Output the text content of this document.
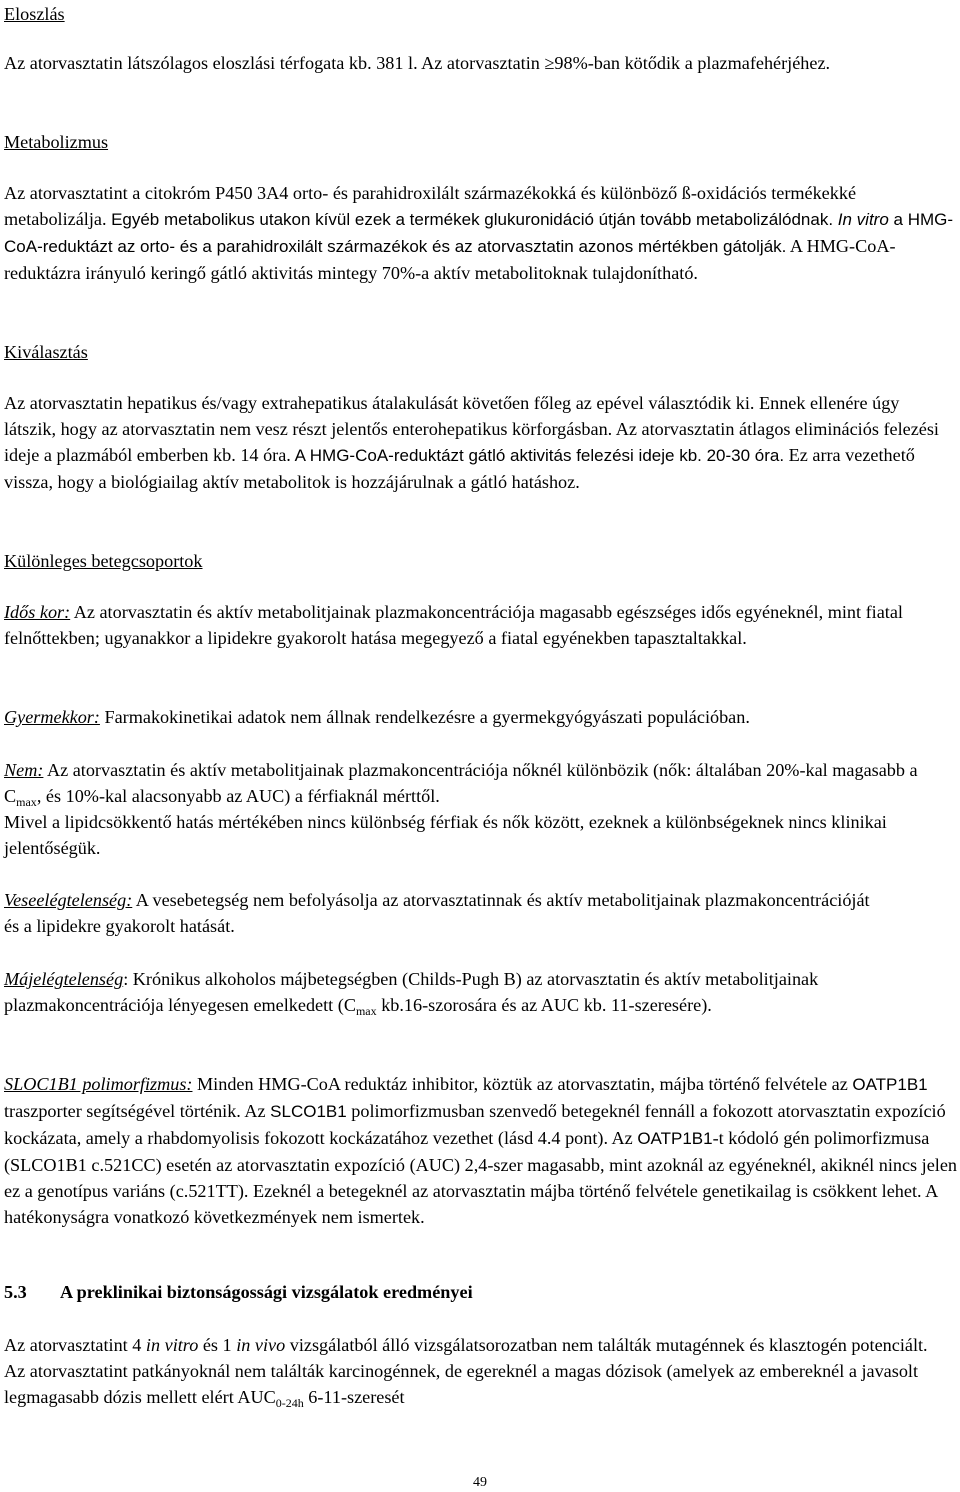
Eloszlás

Az atorvasztatin látszólagos eloszlási térfogata kb. 381 l. Az atorvasztatin ≥98%-ban kötődik a plazmafehérjéhez.

Metabolizmus

Az atorvasztatint a citokróm P450 3A4 orto- és parahidroxilált származékokká és különböző ß-oxidációs termékekké metabolizálja. Egyéb metabolikus utakon kívül ezek a termékek glukuronidáció útján tovább metabolizálódnak. In vitro a HMG-CoA-reduktázt az orto- és a parahidroxilált származékok és az atorvasztatin azonos mértékben gátolják. A HMG-CoA-reduktázra irányuló keringő gátló aktivitás mintegy 70%-a aktív metabolitoknak tulajdonítható.

Kiválasztás

Az atorvasztatin hepatikus és/vagy extrahepatikus átalakulását követően főleg az epével választódik ki. Ennek ellenére úgy látszik, hogy az atorvasztatin nem vesz részt jelentős enterohepatikus körforgásban. Az atorvasztatin átlagos eliminációs felezési ideje a plazmából emberben kb. 14 óra. A HMG-CoA-reduktázt gátló aktivitás felezési ideje kb. 20-30 óra. Ez arra vezethető vissza, hogy a biológiailag aktív metabolitok is hozzájárulnak a gátló hatáshoz.

Különleges betegcsoportok

Idős kor: Az atorvasztatin és aktív metabolitjainak plazmakoncentrációja magasabb egészséges idős egyéneknél, mint fiatal felnőttekben; ugyanakkor a lipidekre gyakorolt hatása megegyező a fiatal egyénekben tapasztaltakkal.

Gyermekkor: Farmakokinetikai adatok nem állnak rendelkezésre a gyermekgyógyászati populációban.

Nem: Az atorvasztatin és aktív metabolitjainak plazmakoncentrációja nőknél különbözik (nők: általában 20%-kal magasabb a $C_{max}$, és 10%-kal alacsonyabb az AUC) a férfiaknál mérttől.
Mivel a lipidcsökkentő hatás mértékében nincs különbség férfiak és nők között, ezeknek a különbségeknek nincs klinikai jelentőségük.

Veseelégtelenség: A vesebetegség nem befolyásolja az atorvasztatinnak és aktív metabolitjainak plazmakoncentrációját és a lipidekre gyakorolt hatását.

Májelégtelenség: Krónikus alkoholos májbetegségben (Childs-Pugh B) az atorvasztatin és aktív metabolitjainak plazmakoncentrációja lényegesen emelkedett ($C_{max}$ kb.16-szorosára és az AUC kb. 11-szeresére).

SLOC1B1 polimorfizmus: Minden HMG-CoA reduktáz inhibitor, köztük az atorvasztatin, májba történő felvétele az OATP1B1 traszporter segítségével történik. Az SLCO1B1 polimorfizmusban szenvedő betegeknél fennáll a fokozott atorvasztatin expozíció kockázata, amely a rhabdomyolisis fokozott kockázatához vezethet (lásd 4.4 pont). Az OATP1B1-t kódoló gén polimorfizmusa (SLCO1B1 c.521CC) esetén az atorvasztatin expozíció (AUC) 2,4-szer magasabb, mint azoknál az egyéneknél, akiknél nincs jelen ez a genotípus variáns (c.521TT). Ezeknél a betegeknél az atorvasztatin májba történő felvétele genetikailag is csökkent lehet. A hatékonyságra vonatkozó következmények nem ismertek.

5.3 A preklinikai biztonságossági vizsgálatok eredményei

Az atorvasztatint 4 in vitro és 1 in vivo vizsgálatból álló vizsgálatsorozatban nem találták mutagénnek és klasztogén potenciált. Az atorvasztatint patkányoknál nem találták karcinogénnek, de egereknél a magas dózisok (amelyek az embereknél a javasolt legmagasabb dózis mellett elért $AUC_{0-24h}$ 6-11-szeresét

49
